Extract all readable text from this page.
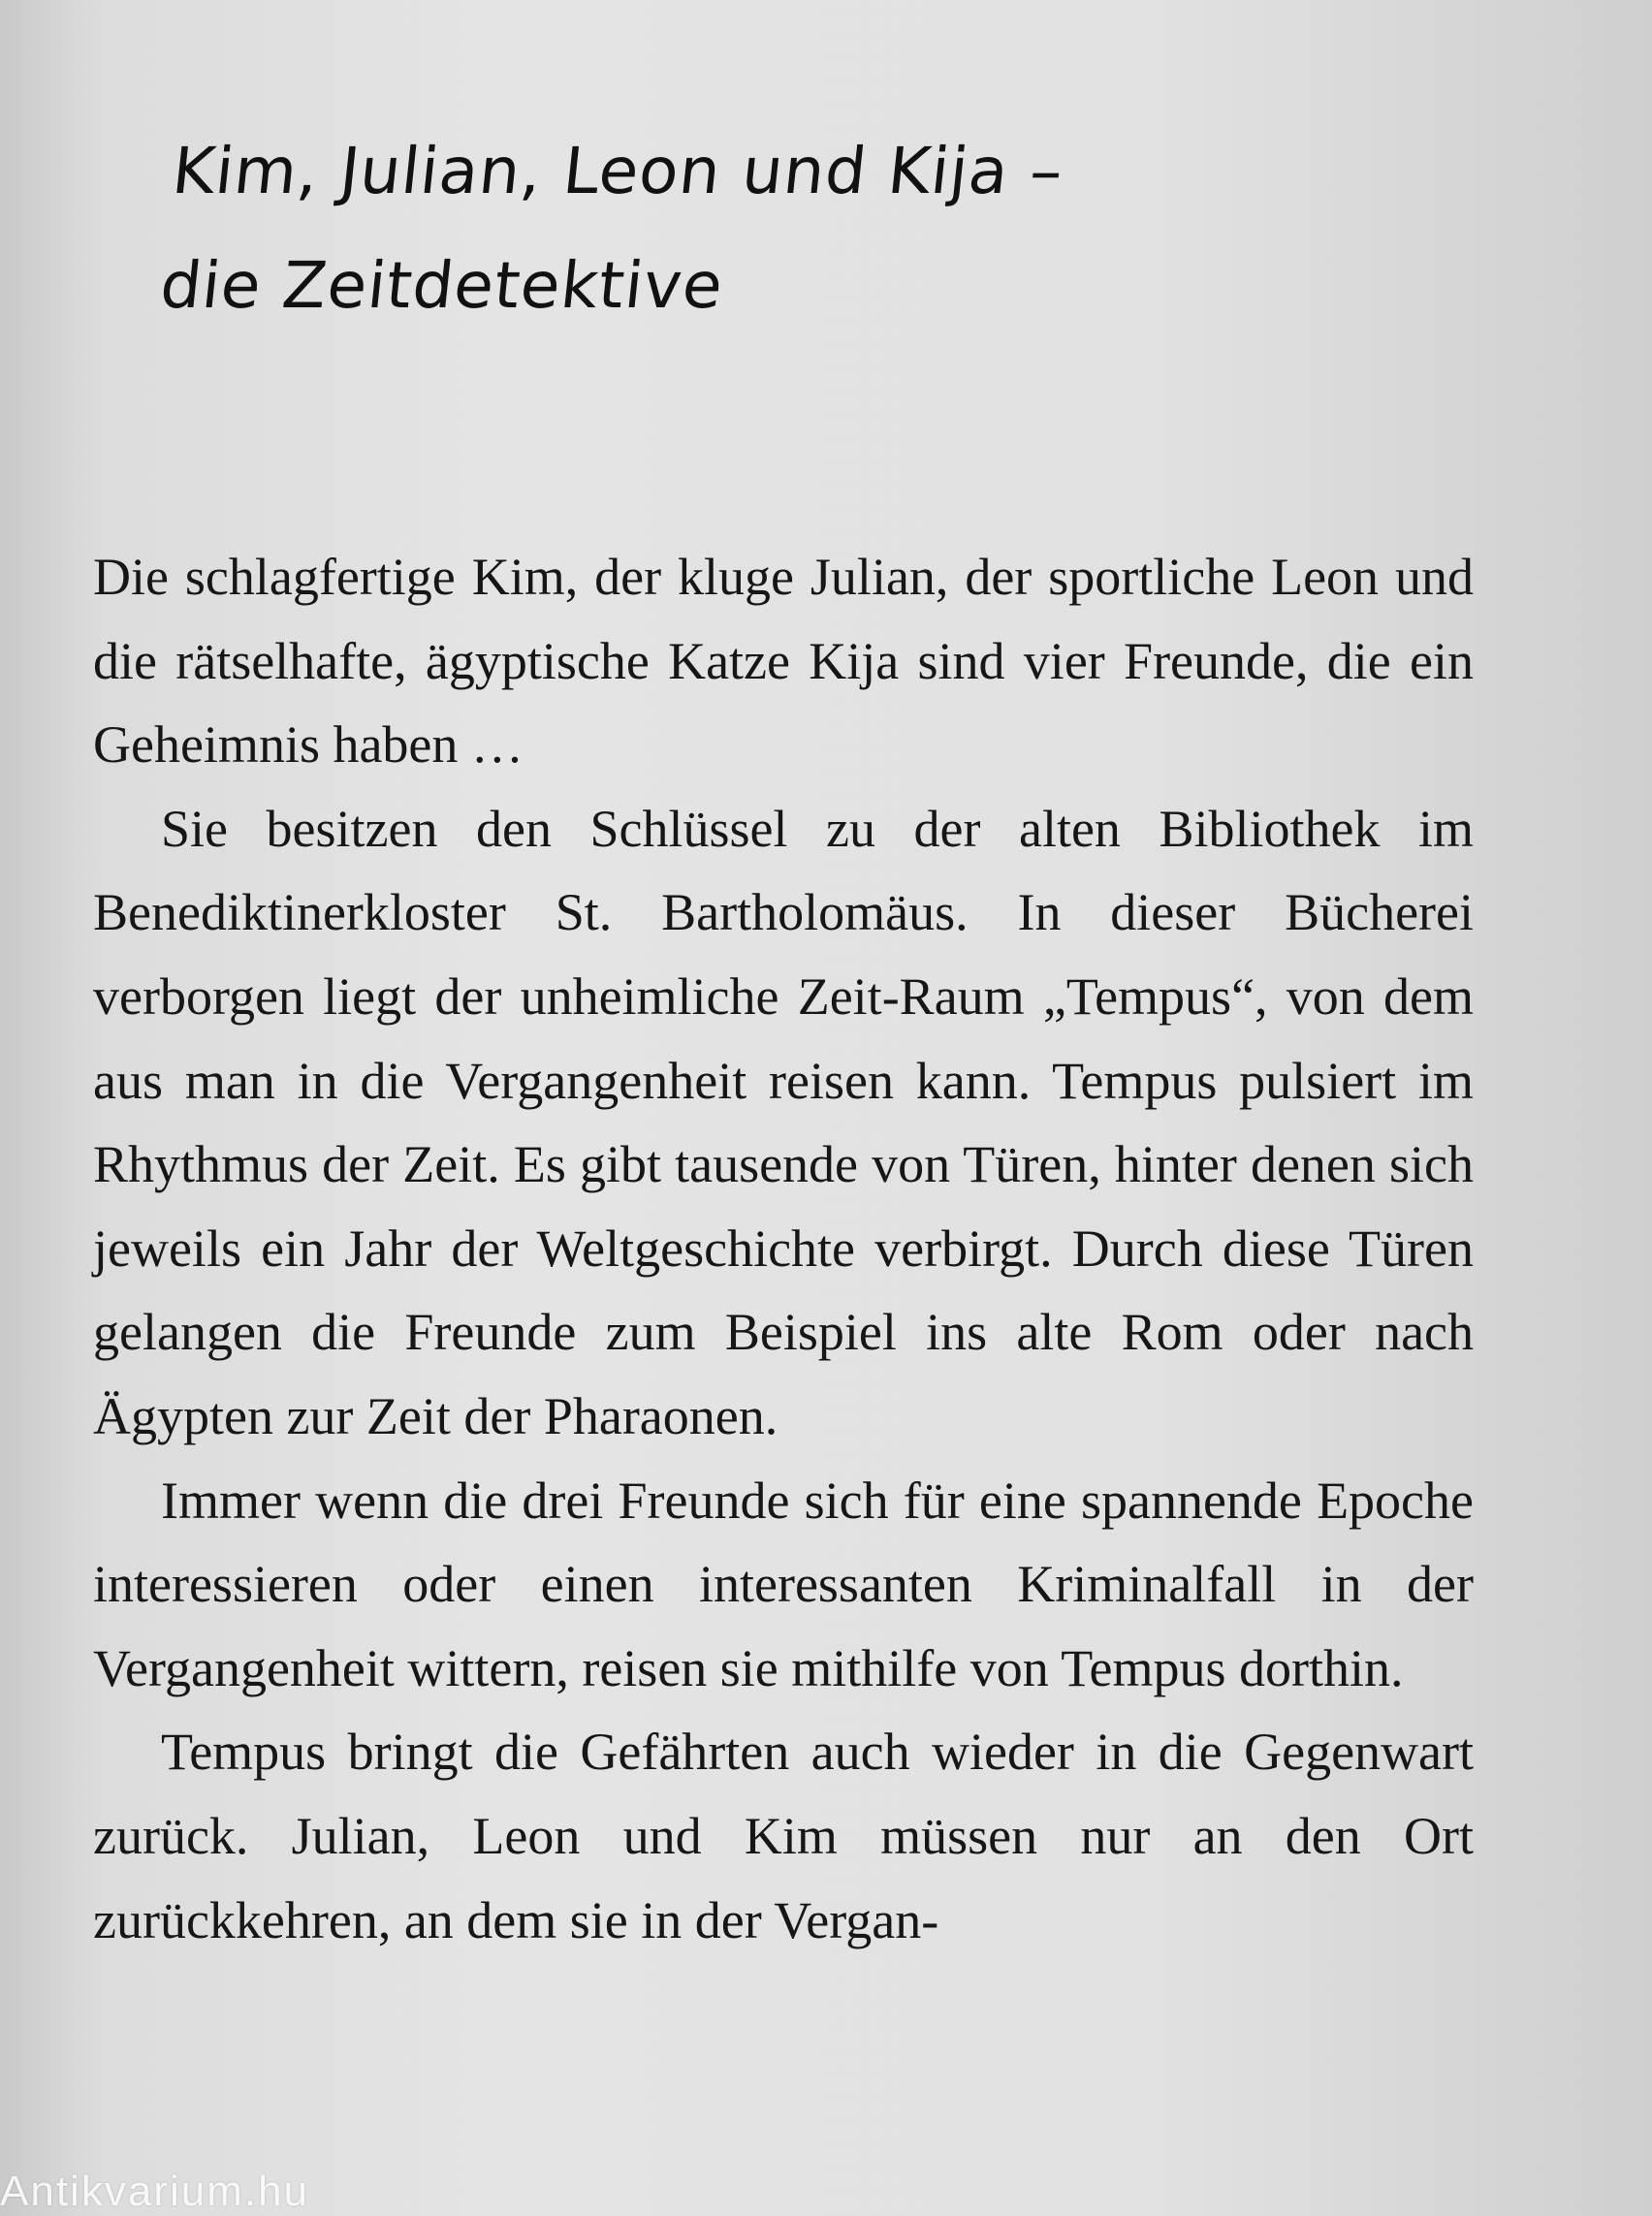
Kim, Julian, Leon und Kija –
die Zeitdetektive

Die schlagfertige Kim, der kluge Julian, der sportliche Leon und die rätselhafte, ägyptische Katze Kija sind vier Freunde, die ein Geheimnis haben …

Sie besitzen den Schlüssel zu der alten Bibliothek im Benediktinerkloster St. Bartholomäus. In dieser Bücherei verborgen liegt der unheimliche Zeit-Raum „Tempus“, von dem aus man in die Vergangenheit reisen kann. Tempus pulsiert im Rhythmus der Zeit. Es gibt tausende von Türen, hinter denen sich jeweils ein Jahr der Weltgeschichte verbirgt. Durch diese Türen gelangen die Freunde zum Beispiel ins alte Rom oder nach Ägypten zur Zeit der Pharaonen.

Immer wenn die drei Freunde sich für eine spannende Epoche interessieren oder einen interessanten Kriminalfall in der Vergangenheit wittern, reisen sie mithilfe von Tempus dorthin.

Tempus bringt die Gefährten auch wieder in die Gegenwart zurück. Julian, Leon und Kim müssen nur an den Ort zurückkehren, an dem sie in der Vergan-

Antikvarium.hu
